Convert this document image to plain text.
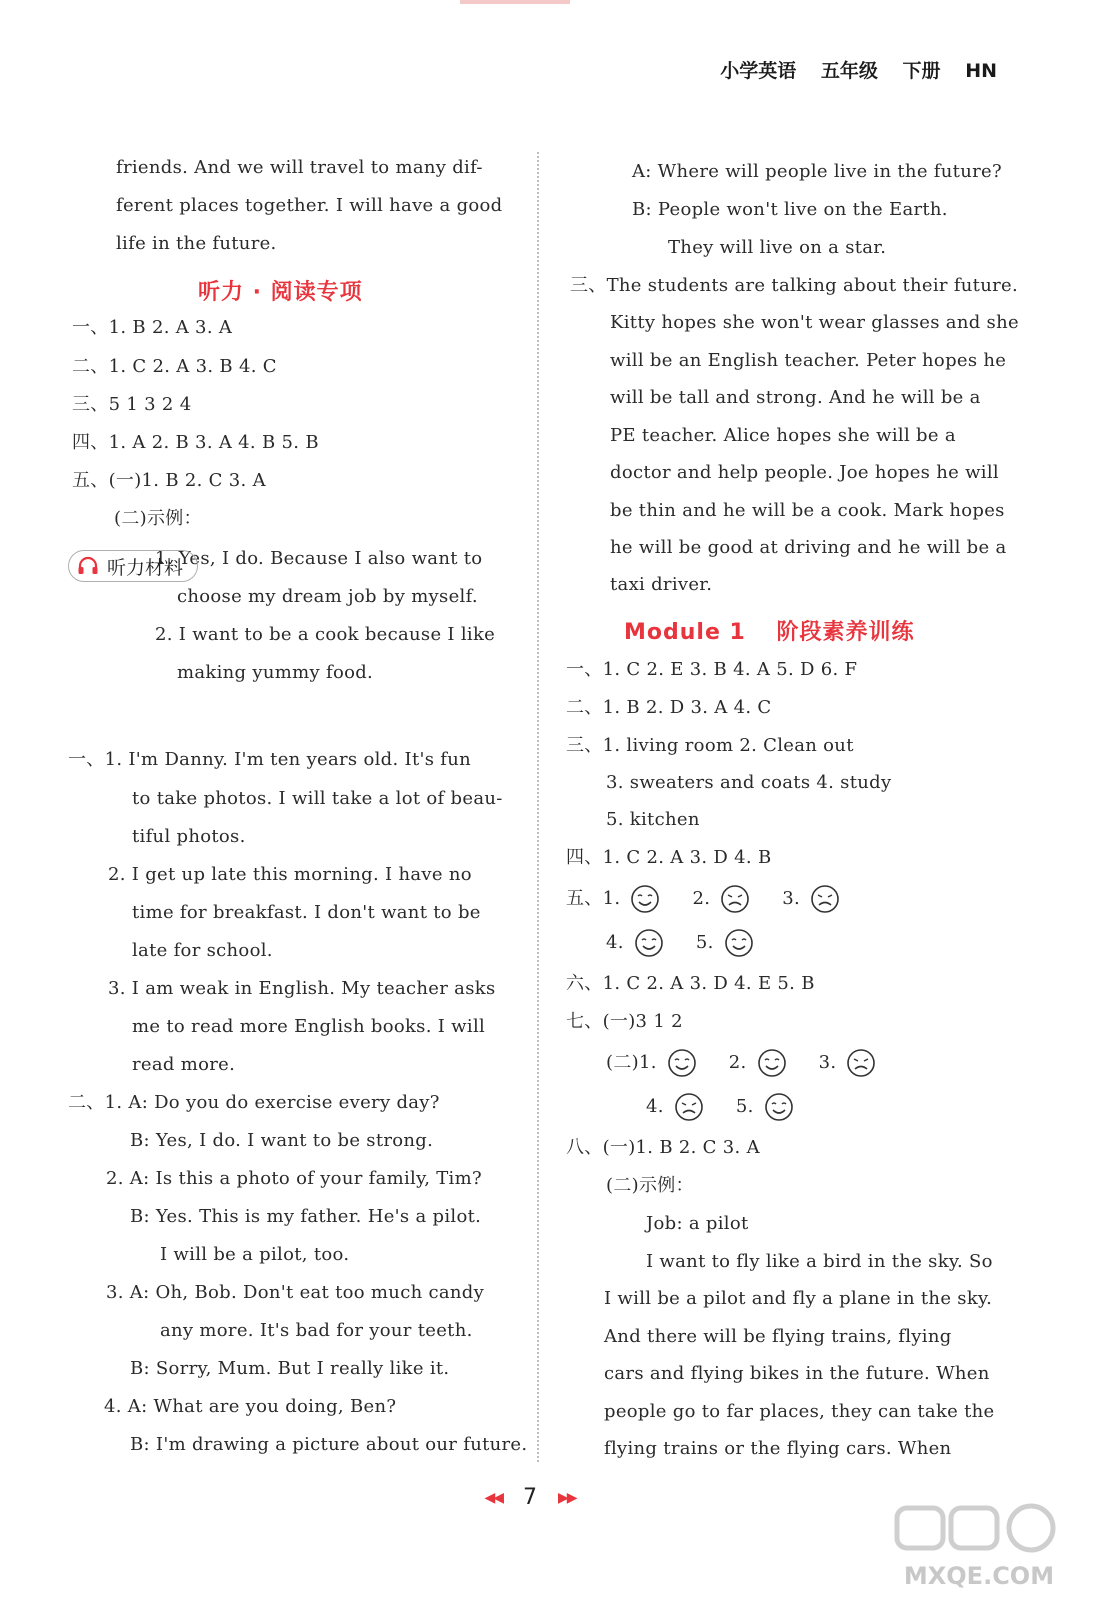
小学英语 五年级 下册 HN
friends. And we will travel to many dif-
ferent places together. I will have a good
life in the future.
听力 · 阅读专项
一、1. B 2. A 3. A
二、1. C 2. A 3. B 4. C
三、5 1 3 2 4
四、1. A 2. B 3. A 4. B 5. B
五、(一)1. B 2. C 3. A
(二)示例：
1. Yes, I do. Because I also want to
choose my dream job by myself.
2. I want to be a cook because I like
making yummy food.
听力材料
一、1. I'm Danny. I'm ten years old. It's fun
to take photos. I will take a lot of beau-
tiful photos.
2. I get up late this morning. I have no
time for breakfast. I don't want to be
late for school.
3. I am weak in English. My teacher asks
me to read more English books. I will
read more.
二、1. A: Do you do exercise every day?
B: Yes, I do. I want to be strong.
2. A: Is this a photo of your family, Tim?
B: Yes. This is my father. He's a pilot.
I will be a pilot, too.
3. A: Oh, Bob. Don't eat too much candy
any more. It's bad for your teeth.
B: Sorry, Mum. But I really like it.
4. A: What are you doing, Ben?
B: I'm drawing a picture about our future.
A: Where will people live in the future?
B: People won't live on the Earth.
They will live on a star.
三、The students are talking about their future.
Kitty hopes she won't wear glasses and she
will be an English teacher. Peter hopes he
will be tall and strong. And he will be a
PE teacher. Alice hopes she will be a
doctor and help people. Joe hopes he will
be thin and he will be a cook. Mark hopes
he will be good at driving and he will be a
taxi driver.
Module 1 阶段素养训练
一、1. C 2. E 3. B 4. A 5. D 6. F
二、1. B 2. D 3. A 4. C
三、1. living room 2. Clean out
3. sweaters and coats 4. study
5. kitchen
四、1. C 2. A 3. D 4. B
五、1.	2.	3.
4.	5.
六、1. C 2. A 3. D 4. E 5. B
七、(一)3 1 2
(二)1.	2.	3.
4.	5.
八、(一)1. B 2. C 3. A
(二)示例：
Job: a pilot
I want to fly like a bird in the sky. So
I will be a pilot and fly a plane in the sky.
And there will be flying trains, flying
cars and flying bikes in the future. When
people go to far places, they can take the
flying trains or the flying cars. When
◀◀ 7 ▶▶
MXQE.COM
